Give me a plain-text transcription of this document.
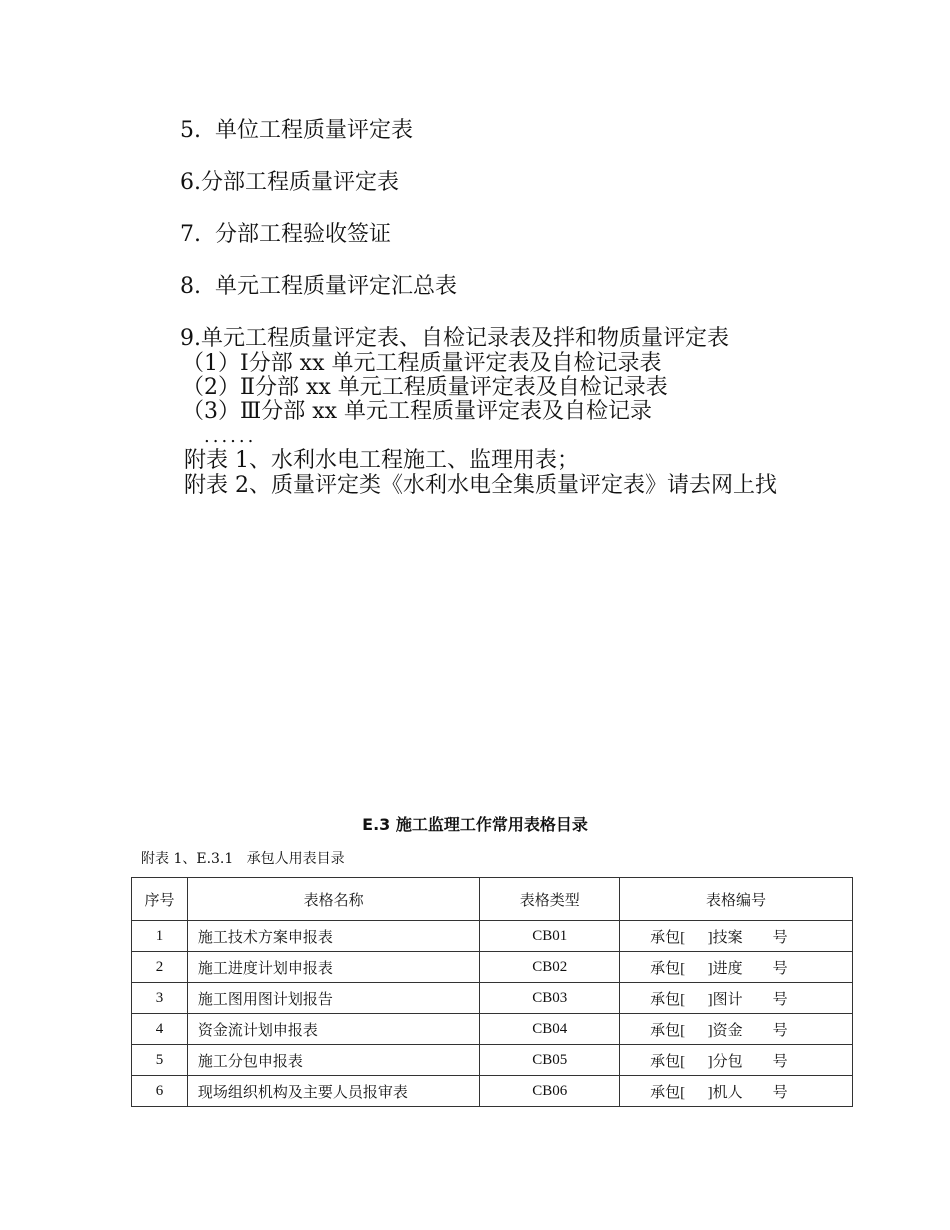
5.  单位工程质量评定表
6.分部工程质量评定表
7.  分部工程验收签证
8.  单元工程质量评定汇总表
9.单元工程质量评定表、自检记录表及拌和物质量评定表
（1）Ⅰ分部 xx 单元工程质量评定表及自检记录表
（2）Ⅱ分部 xx 单元工程质量评定表及自检记录表
（3）Ⅲ分部 xx 单元工程质量评定表及自检记录
......
附表 1、水利水电工程施工、监理用表；
附表 2、质量评定类《水利水电全集质量评定表》请去网上找
E.3 施工监理工作常用表格目录
附表 1、E.3.1   承包人用表目录
序号	表格名称	表格类型	表格编号
1	施工技术方案申报表	CB01	承包[      ]技案        号
2	施工进度计划申报表	CB02	承包[      ]进度        号
3	施工图用图计划报告	CB03	承包[      ]图计        号
4	资金流计划申报表	CB04	承包[      ]资金        号
5	施工分包申报表	CB05	承包[      ]分包        号
6	现场组织机构及主要人员报审表	CB06	承包[      ]机人        号
